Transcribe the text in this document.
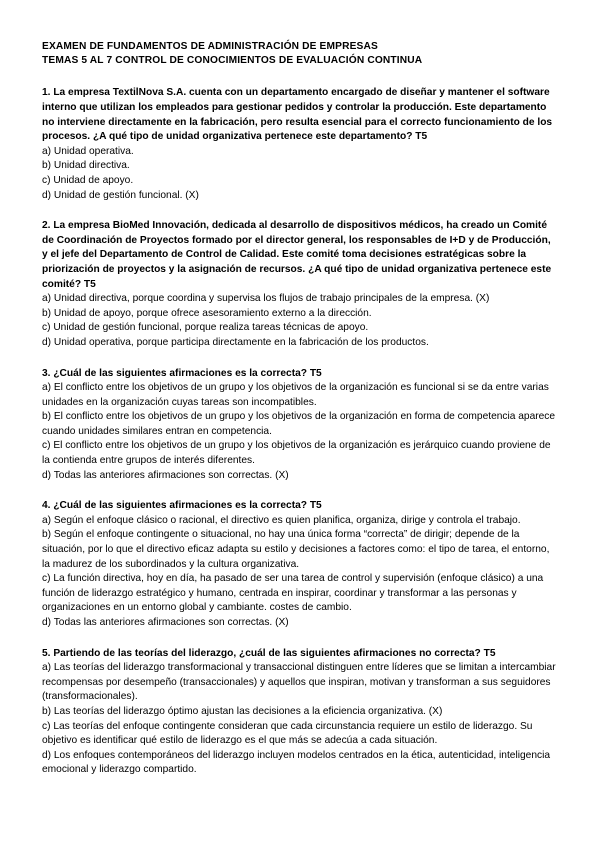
EXAMEN DE FUNDAMENTOS DE ADMINISTRACIÓN DE EMPRESAS

TEMAS 5 AL 7 CONTROL DE CONOCIMIENTOS DE EVALUACIÓN CONTINUA

1. La empresa TextilNova S.A. cuenta con un departamento encargado de diseñar y mantener el software interno que utilizan los empleados para gestionar pedidos y controlar la producción. Este departamento no interviene directamente en la fabricación, pero resulta esencial para el correcto funcionamiento de los procesos. ¿A qué tipo de unidad organizativa pertenece este departamento? T5

a) Unidad operativa.

b) Unidad directiva.

c) Unidad de apoyo.

d) Unidad de gestión funcional. (X)

2. La empresa BioMed Innovación, dedicada al desarrollo de dispositivos médicos, ha creado un Comité de Coordinación de Proyectos formado por el director general, los responsables de I+D y de Producción, y el jefe del Departamento de Control de Calidad. Este comité toma decisiones estratégicas sobre la priorización de proyectos y la asignación de recursos. ¿A qué tipo de unidad organizativa pertenece este comité? T5

a) Unidad directiva, porque coordina y supervisa los flujos de trabajo principales de la empresa. (X)

b) Unidad de apoyo, porque ofrece asesoramiento externo a la dirección.

c) Unidad de gestión funcional, porque realiza tareas técnicas de apoyo.

d) Unidad operativa, porque participa directamente en la fabricación de los productos.

3. ¿Cuál de las siguientes afirmaciones es la correcta? T5

a) El conflicto entre los objetivos de un grupo y los objetivos de la organización es funcional si se da entre varias unidades en la organización cuyas tareas son incompatibles.

b) El conflicto entre los objetivos de un grupo y los objetivos de la organización en forma de competencia aparece cuando unidades similares entran en competencia.

c) El conflicto entre los objetivos de un grupo y los objetivos de la organización es jerárquico cuando proviene de la contienda entre grupos de interés diferentes.

d) Todas las anteriores afirmaciones son correctas. (X)

4. ¿Cuál de las siguientes afirmaciones es la correcta? T5

a) Según el enfoque clásico o racional, el directivo es quien planifica, organiza, dirige y controla el trabajo.

b) Según el enfoque contingente o situacional, no hay una única forma “correcta” de dirigir; depende de la situación, por lo que el directivo eficaz adapta su estilo y decisiones a factores como: el tipo de tarea, el entorno, la madurez de los subordinados y la cultura organizativa.

c) La función directiva, hoy en día, ha pasado de ser una tarea de control y supervisión (enfoque clásico) a una función de liderazgo estratégico y humano, centrada en inspirar, coordinar y transformar a las personas y organizaciones en un entorno global y cambiante. costes de cambio.

d) Todas las anteriores afirmaciones son correctas. (X)

5. Partiendo de las teorías del liderazgo, ¿cuál de las siguientes afirmaciones no correcta? T5

a) Las teorías del liderazgo transformacional y transaccional distinguen entre líderes que se limitan a intercambiar recompensas por desempeño (transaccionales) y aquellos que inspiran, motivan y transforman a sus seguidores (transformacionales).

b) Las teorías del liderazgo óptimo ajustan las decisiones a la eficiencia organizativa. (X)

c) Las teorías del enfoque contingente consideran que cada circunstancia requiere un estilo de liderazgo. Su objetivo es identificar qué estilo de liderazgo es el que más se adecúa a cada situación.

d) Los enfoques contemporáneos del liderazgo incluyen modelos centrados en la ética, autenticidad, inteligencia emocional y liderazgo compartido.
